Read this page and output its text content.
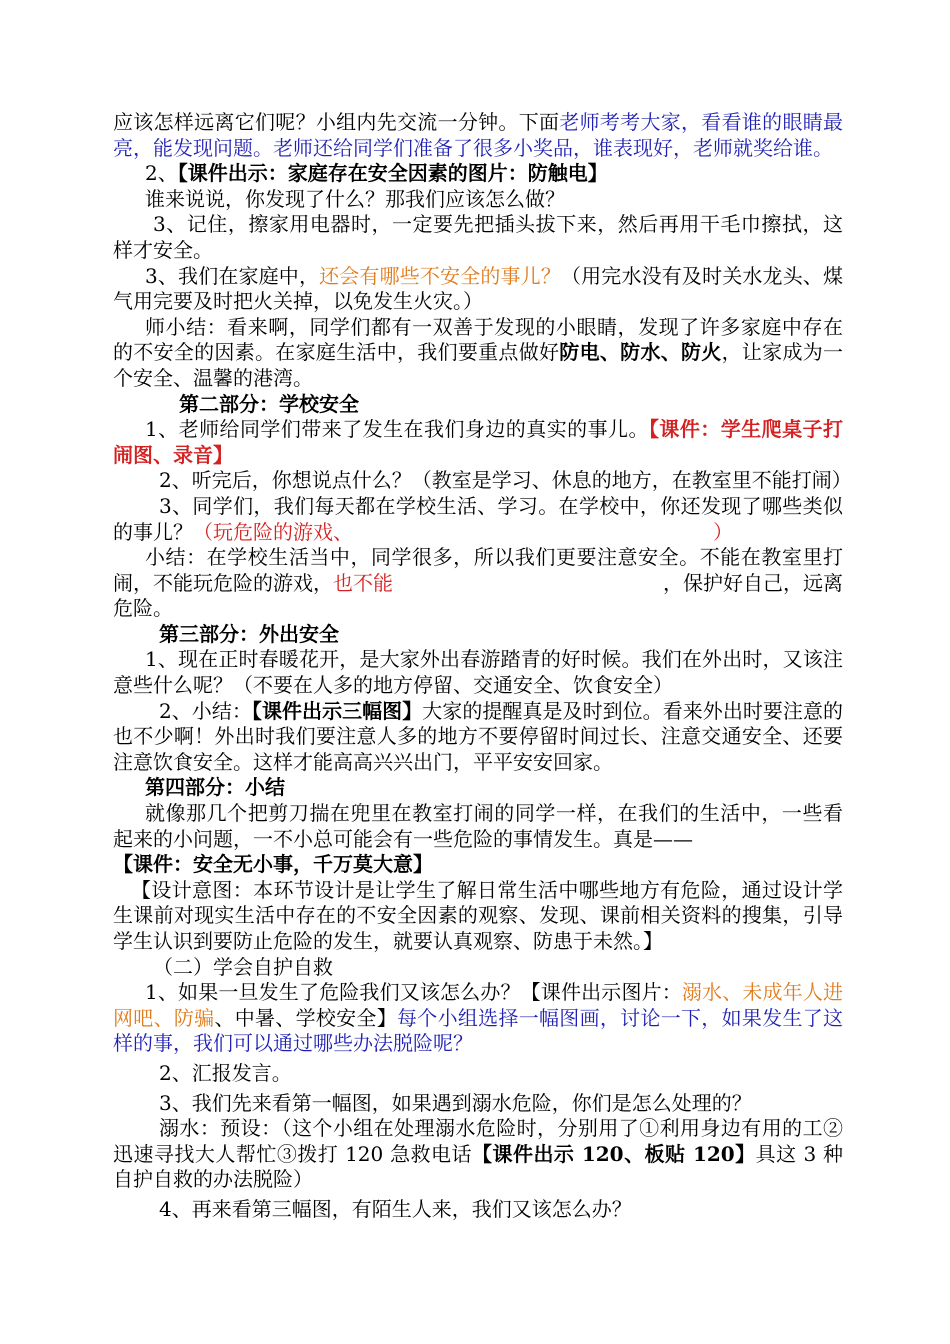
应该怎样远离它们呢？小组内先交流一分钟。下面老师考考大家，看看谁的眼睛最亮，能发现问题。老师还给同学们准备了很多小奖品，谁表现好，老师就奖给谁。

2、【课件出示：家庭存在安全因素的图片：防触电】

谁来说说，你发现了什么？那我们应该怎么做？

3、记住，擦家用电器时，一定要先把插头拔下来，然后再用干毛巾擦拭，这样才安全。

3、我们在家庭中，还会有哪些不安全的事儿？（用完水没有及时关水龙头、煤气用完要及时把火关掉，以免发生火灾。）

师小结：看来啊，同学们都有一双善于发现的小眼睛，发现了许多家庭中存在的不安全的因素。在家庭生活中，我们要重点做好防电、防水、防火，让家成为一个安全、温馨的港湾。

第二部分：学校安全

1、老师给同学们带来了发生在我们身边的真实的事儿。【课件：学生爬桌子打闹图、录音】

2、听完后，你想说点什么？（教室是学习、休息的地方，在教室里不能打闹）

3、同学们，我们每天都在学校生活、学习。在学校中，你还发现了哪些类似的事儿？（玩危险的游戏、	）

小结：在学校生活当中，同学很多，所以我们更要注意安全。不能在教室里打闹，不能玩危险的游戏，也不能	，保护好自己，远离危险。

第三部分：外出安全

1、现在正时春暖花开，是大家外出春游踏青的好时候。我们在外出时，又该注意些什么呢？（不要在人多的地方停留、交通安全、饮食安全）

2、小结：【课件出示三幅图】大家的提醒真是及时到位。看来外出时要注意的也不少啊！外出时我们要注意人多的地方不要停留时间过长、注意交通安全、还要注意饮食安全。这样才能高高兴兴出门，平平安安回家。

第四部分：小结

就像那几个把剪刀揣在兜里在教室打闹的同学一样，在我们的生活中，一些看起来的小问题，一不小总可能会有一些危险的事情发生。真是——

【课件：安全无小事，千万莫大意】

【设计意图：本环节设计是让学生了解日常生活中哪些地方有危险，通过设计学生课前对现实生活中存在的不安全因素的观察、发现、课前相关资料的搜集，引导学生认识到要防止危险的发生，就要认真观察、防患于未然。】

（二）学会自护自救

1、如果一旦发生了危险我们又该怎么办？【课件出示图片：溺水、未成年人进网吧、防骗、中暑、学校安全】每个小组选择一幅图画，讨论一下，如果发生了这样的事，我们可以通过哪些办法脱险呢？

2、汇报发言。

3、我们先来看第一幅图，如果遇到溺水危险，你们是怎么处理的？

溺水：预设：（这个小组在处理溺水危险时，分别用了①利用身边有用的工②迅速寻找大人帮忙③拨打 120 急救电话【课件出示 120、板贴 120】具这 3 种自护自救的办法脱险）

4、再来看第三幅图，有陌生人来，我们又该怎么办？
